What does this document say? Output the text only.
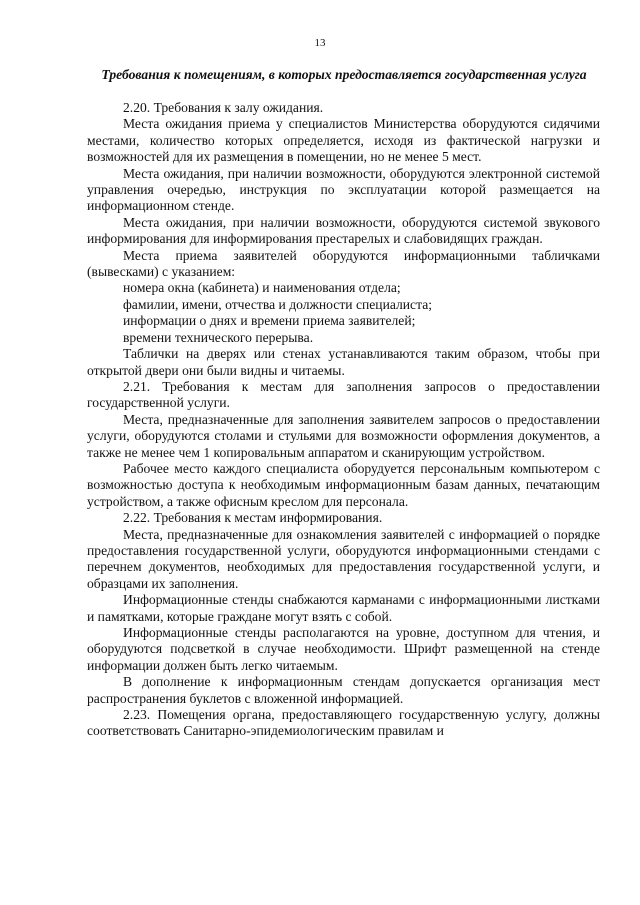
13
Требования к помещениям, в которых предоставляется государственная услуга

2.20. Требования к залу ожидания.

Места ожидания приема у специалистов Министерства оборудуются сидячими местами, количество которых определяется, исходя из фактической нагрузки и возможностей для их размещения в помещении, но не менее 5 мест.

Места ожидания, при наличии возможности, оборудуются электронной системой управления очередью, инструкция по эксплуатации которой размещается на информационном стенде.

Места ожидания, при наличии возможности, оборудуются системой звукового информирования для информирования престарелых и слабовидящих граждан.

Места приема заявителей оборудуются информационными табличками (вывесками) с указанием:

номера окна (кабинета) и наименования отдела;

фамилии, имени, отчества и должности специалиста;

информации о днях и времени приема заявителей;

времени технического перерыва.

Таблички на дверях или стенах устанавливаются таким образом, чтобы при открытой двери они были видны и читаемы.

2.21. Требования к местам для заполнения запросов о предоставлении государственной услуги.

Места, предназначенные для заполнения заявителем запросов о предоставлении услуги, оборудуются столами и стульями для возможности оформления документов, а также не менее чем 1 копировальным аппаратом и сканирующим устройством.

Рабочее место каждого специалиста оборудуется персональным компьютером с возможностью доступа к необходимым информационным базам данных, печатающим устройством, а также офисным креслом для персонала.

2.22. Требования к местам информирования.

Места, предназначенные для ознакомления заявителей с информацией о порядке предоставления государственной услуги, оборудуются информационными стендами с перечнем документов, необходимых для предоставления государственной услуги, и образцами их заполнения.

Информационные стенды снабжаются карманами с информационными листками и памятками, которые граждане могут взять с собой.

Информационные стенды располагаются на уровне, доступном для чтения, и оборудуются подсветкой в случае необходимости. Шрифт размещенной на стенде информации должен быть легко читаемым.

В дополнение к информационным стендам допускается организация мест распространения буклетов с вложенной информацией.

2.23. Помещения органа, предоставляющего государственную услугу, должны соответствовать Санитарно-эпидемиологическим правилам и
